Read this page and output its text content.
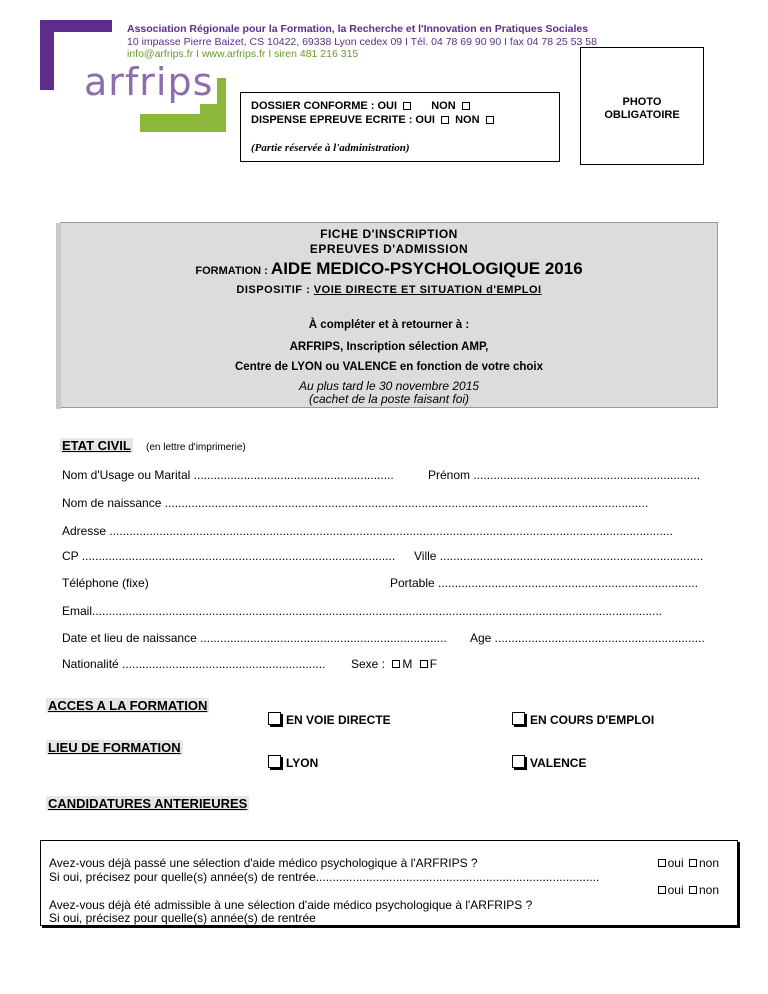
arfrips
Association Régionale pour la Formation, la Recherche et l'Innovation en Pratiques Sociales
10 impasse Pierre Baizet, CS 10422, 69338 Lyon cedex 09 I Tél. 04 78 69 90 90 I fax 04 78 25 53 58
info@arfrips.fr I www.arfrips.fr I siren 481 216 315
DOSSIER CONFORME : OUI	NON
DISPENSE EPREUVE ECRITE : OUI NON
(Partie réservée à l'administration)
PHOTO
OBLIGATOIRE
FICHE D'INSCRIPTION
EPREUVES D'ADMISSION
FORMATION : AIDE MEDICO-PSYCHOLOGIQUE 2016
DISPOSITIF : VOIE DIRECTE ET SITUATION d'EMPLOI
À compléter et à retourner à :
ARFRIPS, Inscription sélection AMP,
Centre de LYON ou VALENCE en fonction de votre choix
Au plus tard le 30 novembre 2015
(cachet de la poste faisant foi)
ETAT CIVIL (en lettre d'imprimerie)
Nom d'Usage ou Marital ............................................................	Prénom ....................................................................
Nom de naissance .................................................................................................................................................
Adresse .........................................................................................................................................................................
CP ..............................................................................................	Ville ...............................................................................
Téléphone (fixe)	Portable ..............................................................................
Email...........................................................................................................................................................................
Date et lieu de naissance ..........................................................................	Age ...............................................................
Nationalité .............................................................	Sexe : M F
ACCES A LA FORMATION
EN VOIE DIRECTE	EN COURS D'EMPLOI
LIEU DE FORMATION
LYON	VALENCE
CANDIDATURES ANTERIEURES
Avez-vous déjà passé une sélection d'aide médico psychologique à l'ARFRIPS ?
Si oui, précisez pour quelle(s) année(s) de rentrée.....................................................................................
oui non
oui non
Avez-vous déjà été admissible à une sélection d'aide médico psychologique à l'ARFRIPS ?
Si oui, précisez pour quelle(s) année(s) de rentrée
